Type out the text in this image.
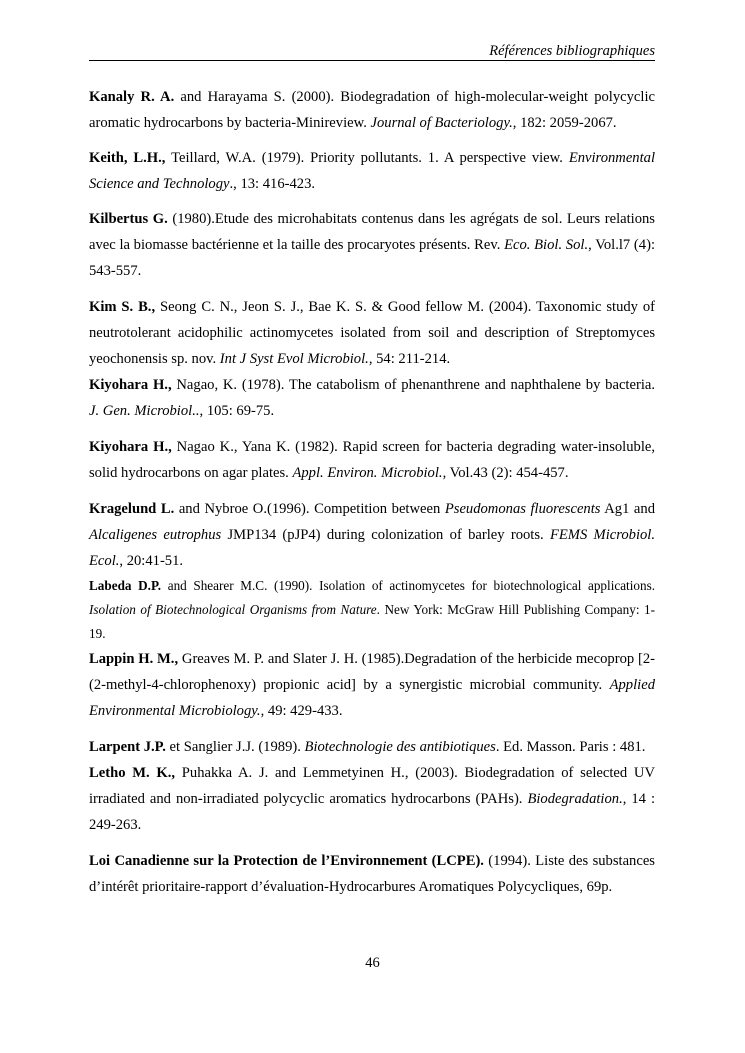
Références bibliographiques

Kanaly R. A. and Harayama S. (2000). Biodegradation of high-molecular-weight polycyclic aromatic hydrocarbons by bacteria-Minireview. Journal of Bacteriology., 182: 2059-2067.

Keith, L.H., Teillard, W.A. (1979). Priority pollutants. 1. A perspective view. Environmental Science and Technology., 13: 416-423.

Kilbertus G. (1980).Etude des microhabitats contenus dans les agrégats de sol. Leurs relations avec la biomasse bactérienne et la taille des procaryotes présents. Rev. Eco. Biol. Sol., Vol.l7 (4): 543-557.

Kim S. B., Seong C. N., Jeon S. J., Bae K. S. & Good fellow M. (2004). Taxonomic study of neutrotolerant acidophilic actinomycetes isolated from soil and description of Streptomyces yeochonensis sp. nov. Int J Syst Evol Microbiol., 54: 211-214.

Kiyohara H., Nagao, K. (1978). The catabolism of phenanthrene and naphthalene by bacteria. J. Gen. Microbiol.., 105: 69-75.

Kiyohara H., Nagao K., Yana K. (1982). Rapid screen for bacteria degrading water-insoluble, solid hydrocarbons on agar plates. Appl. Environ. Microbiol., Vol.43 (2): 454-457.

Kragelund L. and Nybroe O.(1996). Competition between Pseudomonas fluorescents Ag1 and Alcaligenes eutrophus JMP134 (pJP4) during colonization of barley roots. FEMS Microbiol. Ecol., 20:41-51.

Labeda D.P. and Shearer M.C. (1990). Isolation of actinomycetes for biotechnological applications. Isolation of Biotechnological Organisms from Nature. New York: McGraw Hill Publishing Company: 1-19.

Lappin H. M., Greaves M. P. and Slater J. H. (1985).Degradation of the herbicide mecoprop [2-(2-methyl-4-chlorophenoxy) propionic acid] by a synergistic microbial community. Applied Environmental Microbiology., 49: 429-433.

Larpent J.P. et Sanglier J.J. (1989). Biotechnologie des antibiotiques. Ed. Masson. Paris : 481.

Letho M. K., Puhakka A. J. and Lemmetyinen H., (2003). Biodegradation of selected UV irradiated and non-irradiated polycyclic aromatics hydrocarbons (PAHs). Biodegradation., 14 : 249-263.

Loi Canadienne sur la Protection de l’Environnement (LCPE). (1994). Liste des substances d’intérêt prioritaire-rapport d’évaluation-Hydrocarbures Aromatiques Polycycliques, 69p.

46
